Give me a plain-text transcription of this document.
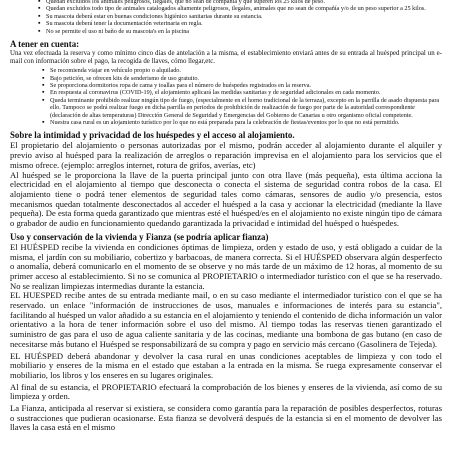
▪ Quedan excluidos los animales peligrosos, ilegales, que no sean de compañía y que superen los 25 kilos de peso.
▪ Quedan excluidos todo tipo de animales catalogados altamente peligrosos, ilegales, animales que no sean de compañía y/o de un peso superior a 25 kilos.
▪ Su mascota deberá estar en buenas condiciones higiénico sanitarias durante su estancia.
▪ Su mascota deberá tener la documentación veterinaria en regla.
▪ No se permite el uso ni baño de su mascota's en la piscina
A tener en cuenta:

Una vez efectuada la reserva y como mínimo cinco días de antelación a la misma, el establecimiento enviará antes de su entrada al huésped principal un e-mail con información sobre el pago, la recogida de llaves, cómo llegar,etc.

▪ Se recomienda viajar en vehículo propio o alquilado.
▪ Bajo petición, se ofrecen kits de senderismo de uso gratuito.
▪ Se proporciona dormitorios ropa de cama y toallas para el número de huéspedes registrados en la reserva.
▪ En respuesta al coronavirus (COVID-19), el alojamiento aplicará las medidas sanitarias y de seguridad adicionales en cada momento.
▪ Queda terminante prohibido realizar ningún tipo de fuego, (especialmente en el horno tradicional de la terraza), excepto en la parrilla de asado dispuesta para ello. Tampoco se podrá realizar fuego en dicha parrilla en periodos de prohibición de realización de fuego por parte de la autoridad correspondiente (declaración de altas temperaturas) Dirección General de Seguridad y Emergencias del Gobierno de Canarias u otro organismo oficial competente.
▪ Nuestra casa rural es un alojamiento turístico por lo que no está preparada para la celebración de fiestas/eventos por lo que no está permitido.
Sobre la intimidad y privacidad de los huéspedes y el acceso al alojamiento.

El propietario del alojamiento o personas autorizadas por el mismo, podrán acceder al alojamiento durante el alquiler y previo aviso al huésped para la realización de arreglos o reparación imprevisa en el alojamiento para los servicios que el mismo ofrece. (ejemplo: arreglos internet, rotura de grifos, averías, etc)

Al huésped se le proporciona la llave de la puerta principal junto con otra llave (más pequeña), esta última acciona la electricidad en el alojamiento al tiempo que desconecta o conecta el sistema de seguridad contra robos de la casa. El alojamiento tiene o podrá tener elementos de seguridad tales como cámaras, sensores de audio y/o presencia, estos mecanismos quedan totalmente desconectados al acceder el huésped a la casa y accionar la electricidad (mediante la llave pequeña). De esta forma queda garantizado que mientras esté el huésped/es en el alojamiento no existe ningún tipo de cámara o grabador de audio en funcionamiento quedando garantizada la privacidad e intimidad del huésped o huéspedes.

Uso y conservación de la vivienda y Fianza (se podría aplicar fianza)

El HUÉSPED recibe la vivienda en condiciones óptimas de limpieza, orden y estado de uso, y está obligado a cuidar de la misma, el jardín con su mobiliario, cobertizo y barbacoas, de manera correcta. Si el HUÉSPED observara algún desperfecto o anomalía, deberá comunicarlo en el momento de se observe y no más tarde de un máximo de 12 horas, al momento de su primer acceso al establecimiento. Si no se comunica al PROPIETARIO o intermediador turístico con el que se ha reservado. No se realizan limpiezas intermedias durante la estancia.

EL HUESPED recibe antes de su entrada mediante mail, o en su caso mediante el intermediador turístico con el que se ha reservado. un enlace "información de instrucciones de usos, manuales e informaciones de interés para su estancia", facilitando al huésped un valor añadido a su estancia en el alojamiento y teniendo el contenido de dicha información un valor orientativo a la hora de tener información sobre el uso del mismo. Al tiempo todas las reservas tienen garantizado el suministro de gas para el uso de agua caliente sanitaria y de las cocinas, mediante una bombona de gas butano (en caso de necesitarse más butano el Huésped se responsabilizará de su compra y pago en servicio más cercano (Gasolinera de Tejeda).

EL HUÉSPED deberá abandonar y devolver la casa rural en unas condiciones aceptables de limpieza y con todo el mobiliario y enseres de la misma en el estado que estaban a la entrada en la misma. Se ruega expresamente conservar el mobiliario, los libros y los enseres en su lugares originales.

Al final de su estancia, el PROPIETARIO efectuará la comprobación de los bienes y enseres de la vivienda, así como de su limpieza y orden.

La Fianza, anticipada al reservar si existiera, se considera como garantía para la reparación de posibles desperfectos, roturas o sustracciones que pudieran ocasionarse. Esta fianza se devolverá después de la estancia si en el momento de devolver las llaves la casa está en el mismo
